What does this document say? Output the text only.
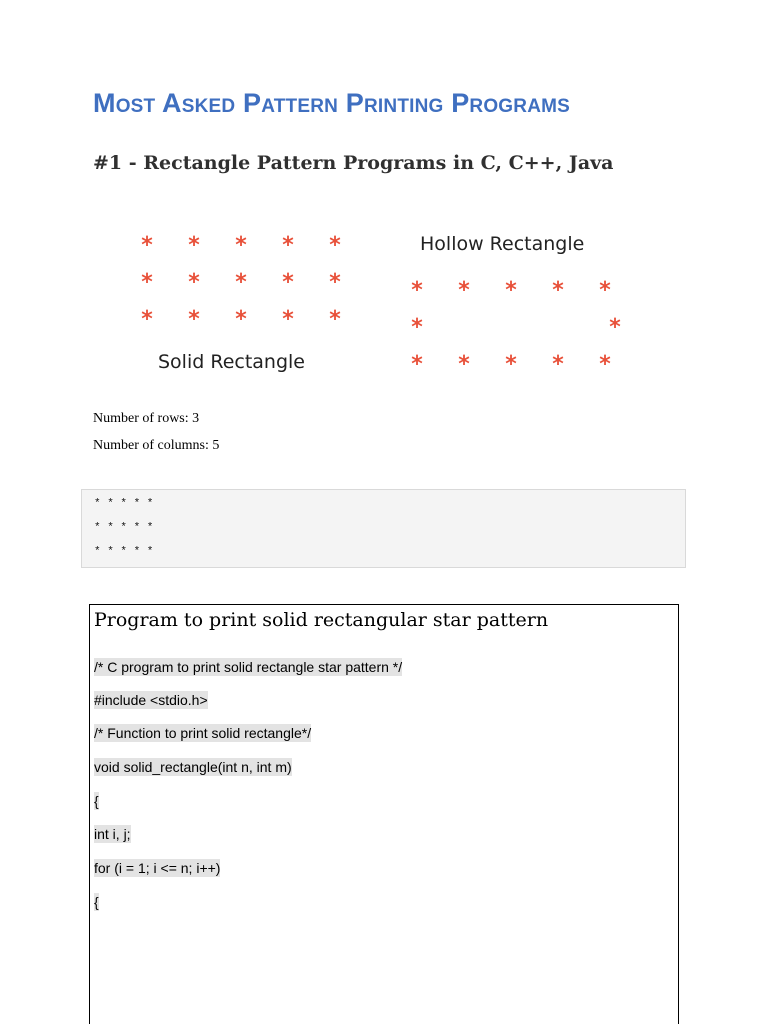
Most Asked Pattern Printing Programs
#1 - Rectangle Pattern Programs in C, C++, Java
* * * * *
* * * * *
* * * * *
* * * * *
*	*
* * * * *
Solid Rectangle
Hollow Rectangle

Number of rows: 3

Number of columns: 5

* * * * *
* * * * *
* * * * *

Program to print solid rectangular star pattern

/* C program to print solid rectangle star pattern */
#include <stdio.h>
/* Function to print solid rectangle*/
void solid_rectangle(int n, int m)
{
int i, j;
for (i = 1; i <= n; i++)
{
